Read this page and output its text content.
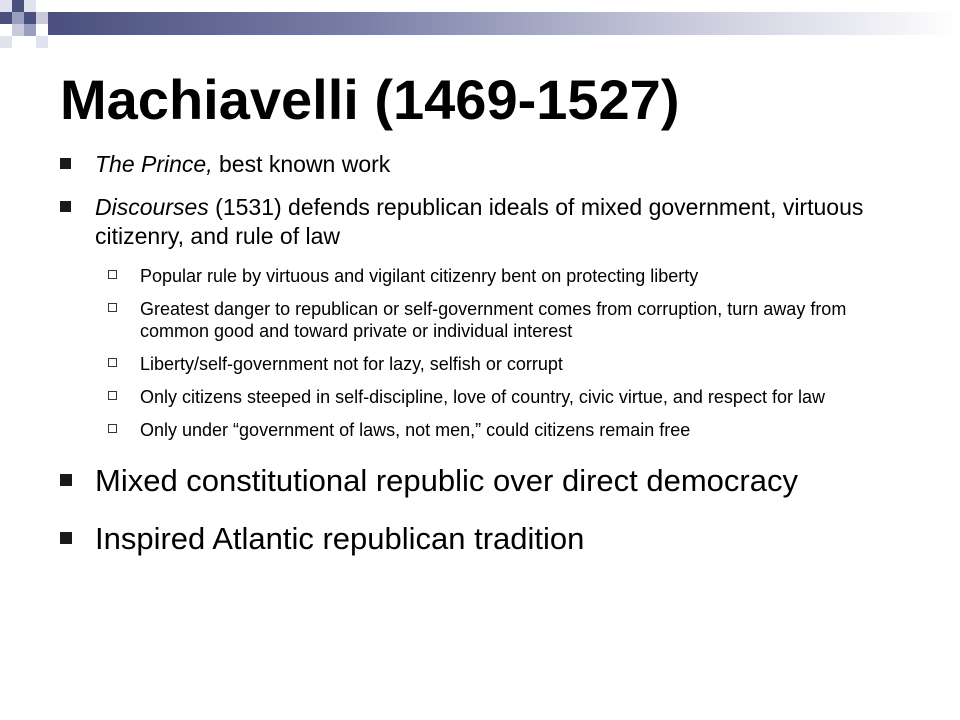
Machiavelli (1469-1527)
The Prince, best known work
Discourses (1531) defends republican ideals of mixed government, virtuous citizenry, and rule of law
Popular rule by virtuous and vigilant citizenry bent on protecting liberty
Greatest danger to republican or self-government comes from corruption, turn away from common good and toward private or individual interest
Liberty/self-government not for lazy, selfish or corrupt
Only citizens steeped in self-discipline, love of country, civic virtue, and respect for law
Only under “government of laws, not men,” could citizens remain free
Mixed constitutional republic over direct democracy
Inspired Atlantic republican tradition
